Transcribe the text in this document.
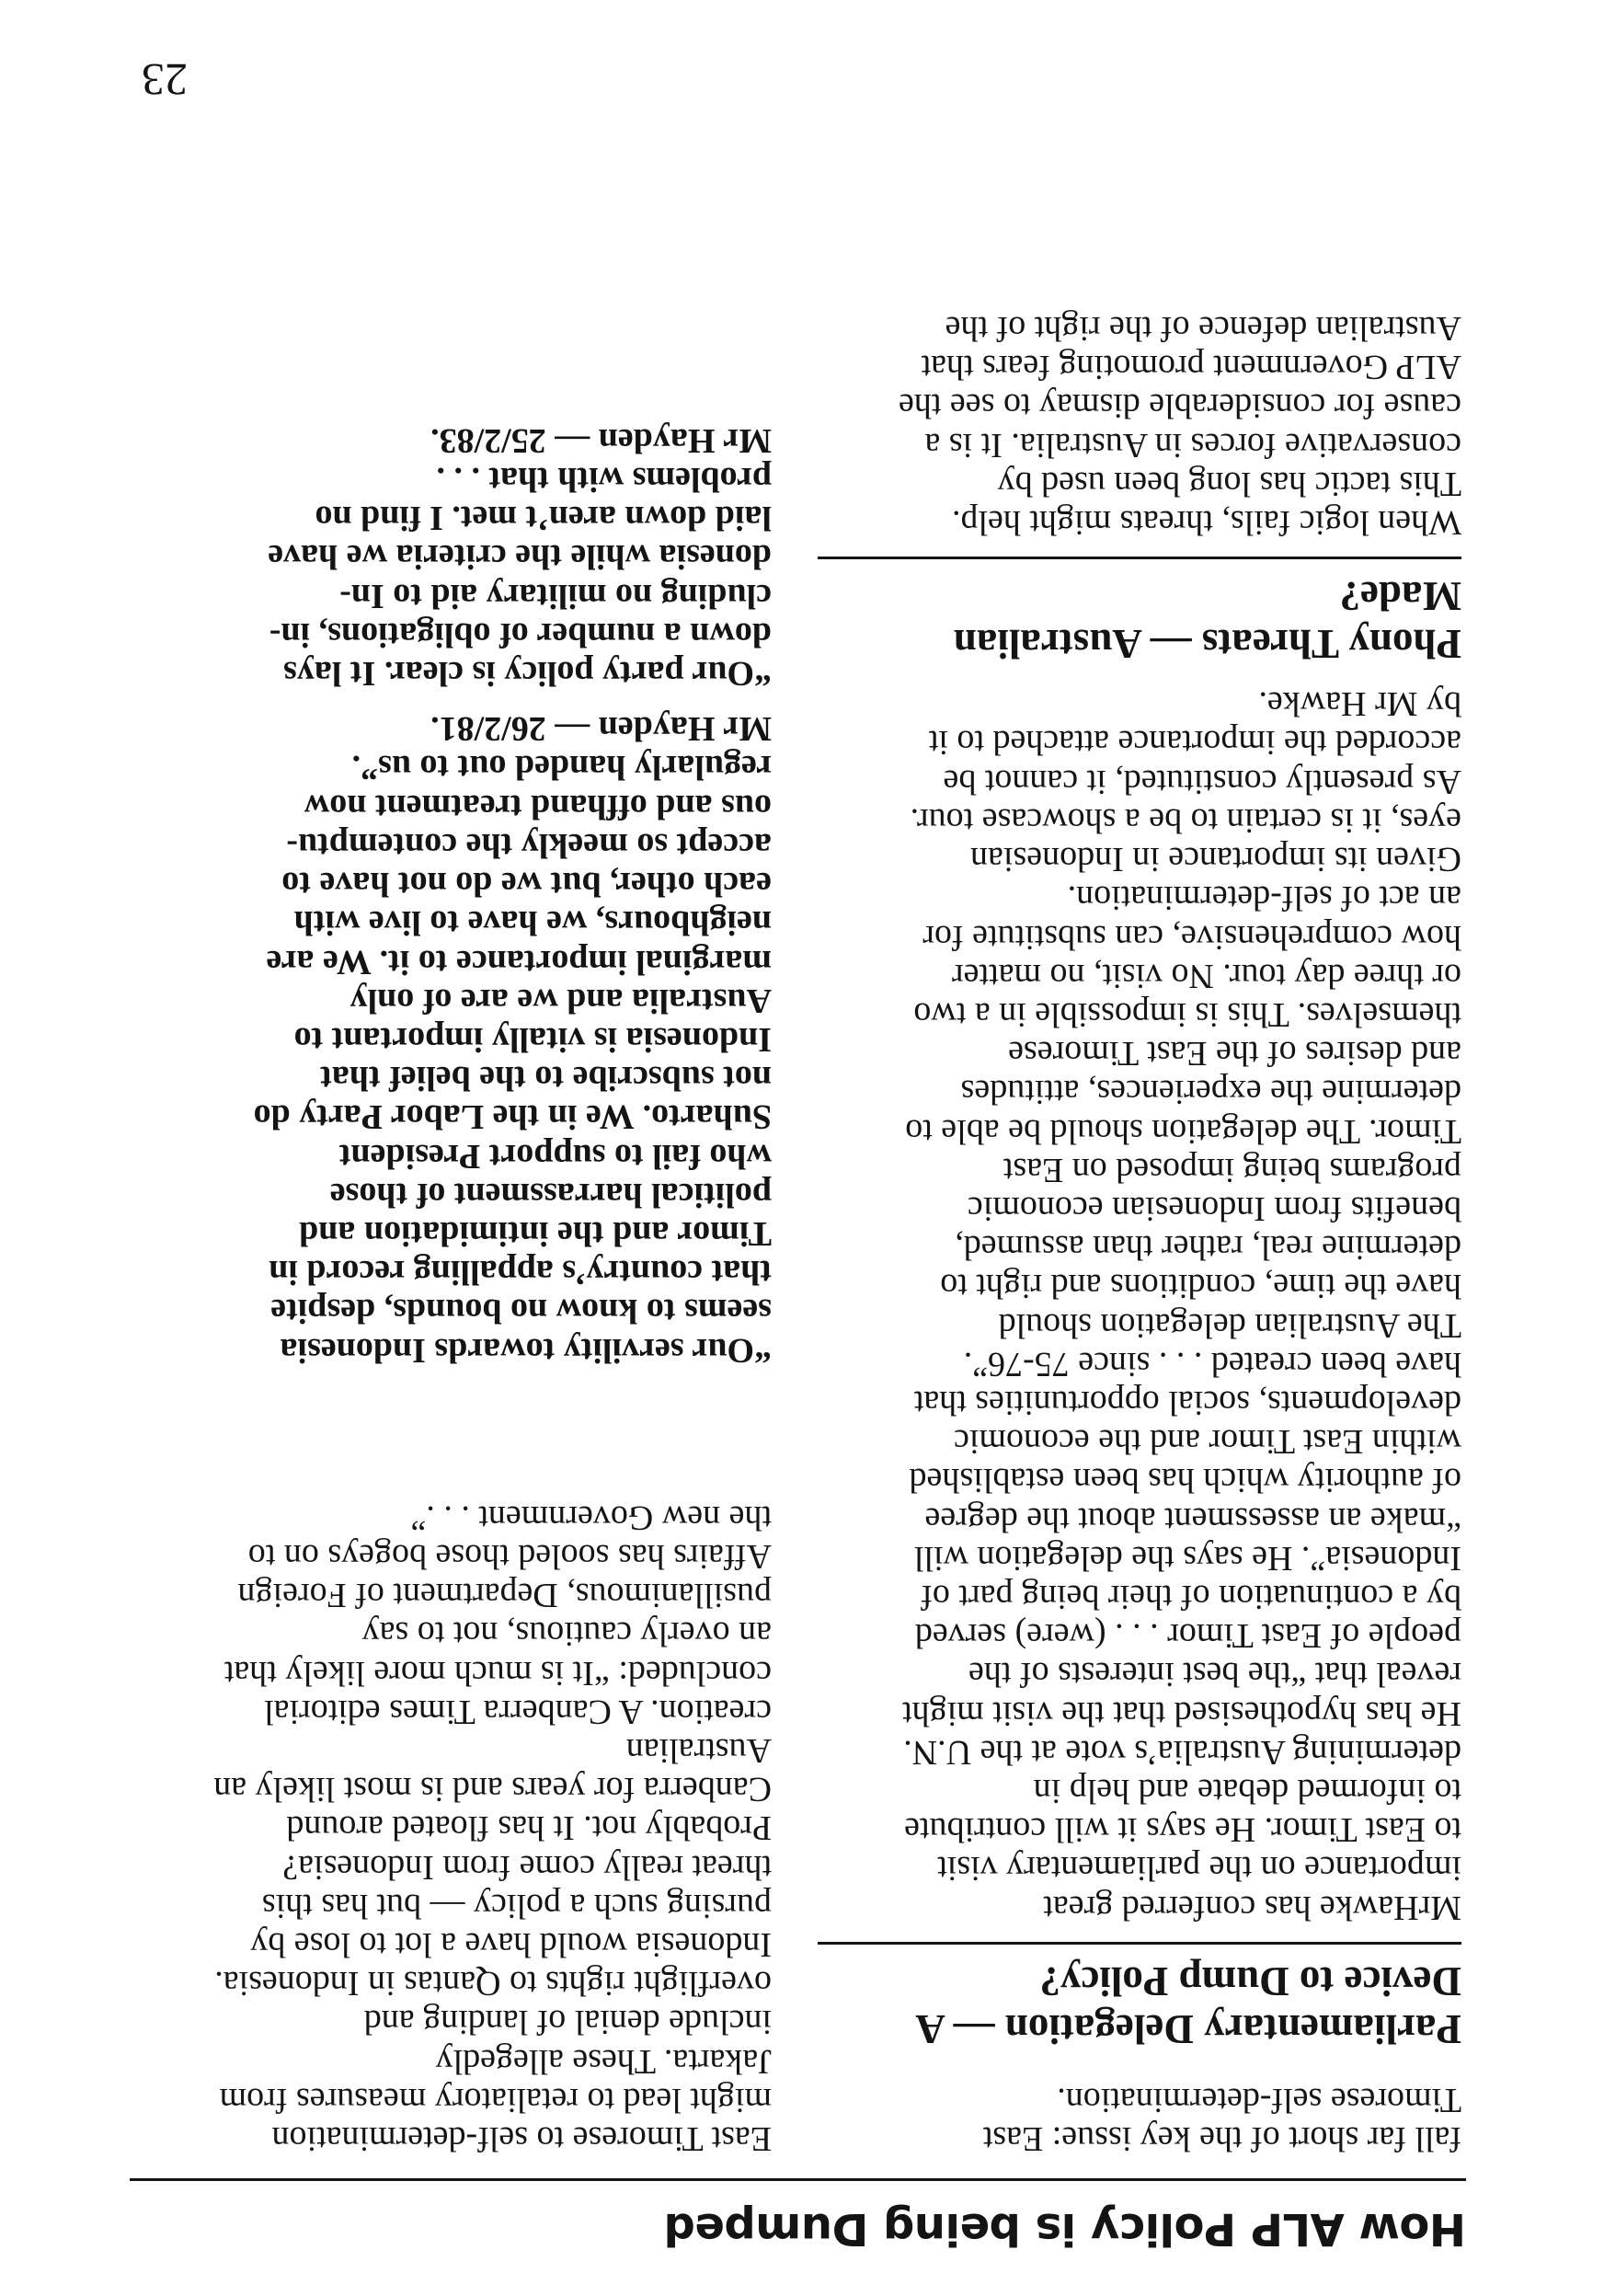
How ALP Policy is being Dumped
fall far short of the key issue: East
Timorese self-determination.
Parliamentary Delegation — A
Device to Dump Policy?
MrHawke has conferred great
importance on the parliamentary visit
to East Timor. He says it will contribute
to informed debate and help in
determining Australia’s vote at the U.N.
He has hypothesised that the visit might
reveal that “the best interests of the
people of East Timor . . . (were) served
by a continuation of their being part of
Indonesia”. He says the delegation will
“make an assessment about the degree
of authority which has been established
within East Timor and the economic
developments, social opportunities that
have been created . . . since 75-76”.
The Australian delegation should
have the time, conditions and right to
determine real, rather than assumed,
benefits from Indonesian economic
programs being imposed on East
Timor. The delegation should be able to
determine the experiences, attitudes
and desires of the East Timorese
themselves. This is impossible in a two
or three day tour. No visit, no matter
how comprehensive, can substitute for
an act of self-determination.
Given its importance in Indonesian
eyes, it is certain to be a showcase tour.
As presently constituted, it cannot be
accorded the importance attached to it
by Mr Hawke.
Phony Threats — Australian
Made?
When logic fails, threats might help.
This tactic has long been used by
conservative forces in Australia. It is a
cause for considerable dismay to see the
ALP Government promoting fears that
Australian defence of the right of the
East Timorese to self-determination
might lead to retaliatory measures from
Jakarta. These allegedly
include denial of landing and
overflight rights to Qantas in Indonesia.
Indonesia would have a lot to lose by
pursing such a policy — but has this
threat really come from Indonesia?
Probably not. It has floated around
Canberra for years and is most likely an
Australian
creation. A Canberra Times editorial
concluded: “It is much more likely that
an overly cautious, not to say
pusillanimous, Department of Foreign
Affairs has sooled those bogeys on to
the new Government . . .”
“Our servility towards Indonesia
seems to know no bounds, despite
that country’s appalling record in
Timor and the intimidation and
political harrassment of those
who fail to support President
Suharto. We in the Labor Party do
not subscribe to the belief that
Indonesia is vitally important to
Australia and we are of only
marginal importance to it. We are
neighbours, we have to live with
each other, but we do not have to
accept so meekly the contemptu-
ous and offhand treatment now
regularly handed out to us”.
Mr Hayden — 26/2/81.
“Our party policy is clear. It lays
down a number of obligations, in-
cluding no military aid to In-
donesia while the criteria we have
laid down aren’t met. I find no
problems with that . . .
Mr Hayden — 25/2/83.
23
